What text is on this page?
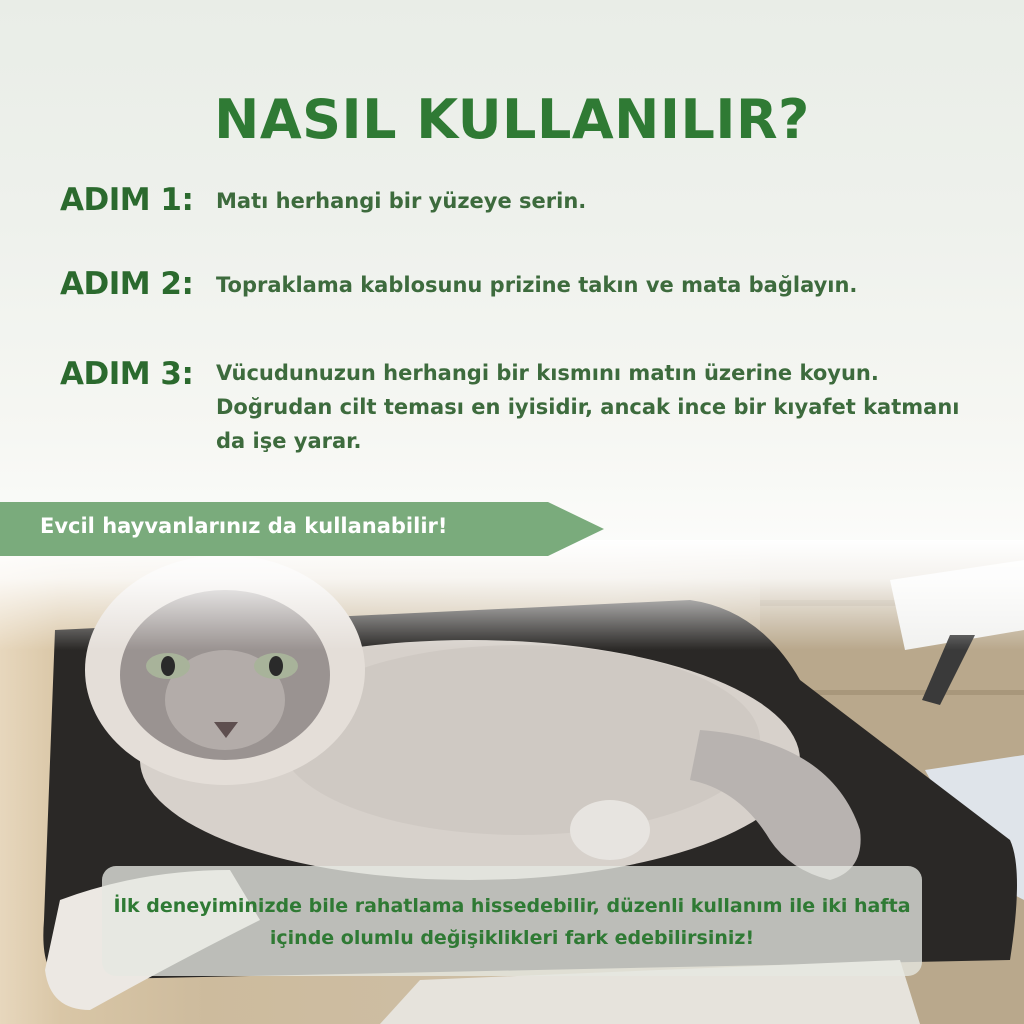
NASIL KULLANILIR?
ADIM 1:	Matı herhangi bir yüzeye serin.
ADIM 2:	Topraklama kablosunu prizine takın ve mata bağlayın.
ADIM 3:	Vücudunuzun herhangi bir kısmını matın üzerine koyun. Doğrudan cilt teması en iyisidir, ancak ince bir kıyafet katmanı da işe yarar.
Evcil hayvanlarınız da kullanabilir!
İlk deneyiminizde bile rahatlama hissedebilir, düzenli kullanım ile iki hafta içinde olumlu değişiklikleri fark edebilirsiniz!
